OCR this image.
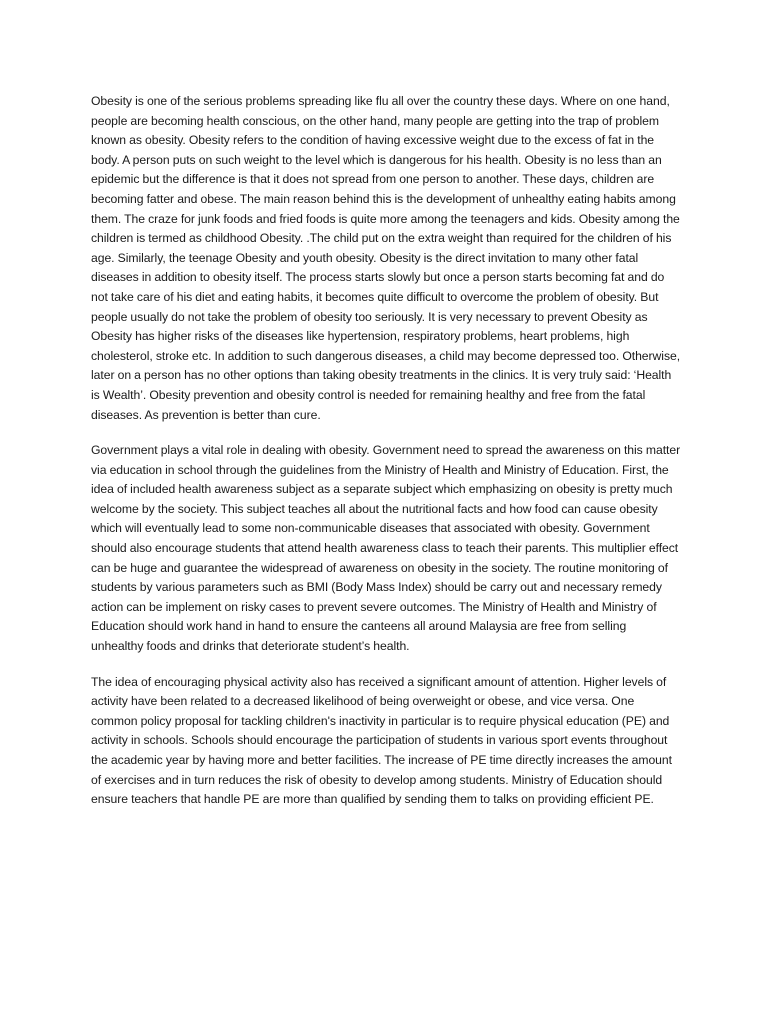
Obesity is one of the serious problems spreading like flu all over the country these days. Where on one hand, people are becoming health conscious, on the other hand, many people are getting into the trap of problem known as obesity. Obesity refers to the condition of having excessive weight due to the excess of fat in the body. A person puts on such weight to the level which is dangerous for his health. Obesity is no less than an epidemic but the difference is that it does not spread from one person to another. These days, children are becoming fatter and obese. The main reason behind this is the development of unhealthy eating habits among them. The craze for junk foods and fried foods is quite more among the teenagers and kids. Obesity among the children is termed as childhood Obesity. .The child put on the extra weight than required for the children of his age. Similarly, the teenage Obesity and youth obesity. Obesity is the direct invitation to many other fatal diseases in addition to obesity itself. The process starts slowly but once a person starts becoming fat and do not take care of his diet and eating habits, it becomes quite difficult to overcome the problem of obesity. But people usually do not take the problem of obesity too seriously. It is very necessary to prevent Obesity as Obesity has higher risks of the diseases like hypertension, respiratory problems, heart problems, high cholesterol, stroke etc. In addition to such dangerous diseases, a child may become depressed too. Otherwise, later on a person has no other options than taking obesity treatments in the clinics. It is very truly said: ‘Health is Wealth’. Obesity prevention and obesity control is needed for remaining healthy and free from the fatal diseases. As prevention is better than cure.

Government plays a vital role in dealing with obesity. Government need to spread the awareness on this matter via education in school through the guidelines from the Ministry of Health and Ministry of Education. First, the idea of included health awareness subject as a separate subject which emphasizing on obesity is pretty much welcome by the society. This subject teaches all about the nutritional facts and how food can cause obesity which will eventually lead to some non-communicable diseases that associated with obesity. Government should also encourage students that attend health awareness class to teach their parents. This multiplier effect can be huge and guarantee the widespread of awareness on obesity in the society. The routine monitoring of students by various parameters such as BMI (Body Mass Index) should be carry out and necessary remedy action can be implement on risky cases to prevent severe outcomes. The Ministry of Health and Ministry of Education should work hand in hand to ensure the canteens all around Malaysia are free from selling unhealthy foods and drinks that deteriorate student’s health.

The idea of encouraging physical activity also has received a significant amount of attention. Higher levels of activity have been related to a decreased likelihood of being overweight or obese, and vice versa. One common policy proposal for tackling children's inactivity in particular is to require physical education (PE) and activity in schools. Schools should encourage the participation of students in various sport events throughout the academic year by having more and better facilities. The increase of PE time directly increases the amount of exercises and in turn reduces the risk of obesity to develop among students. Ministry of Education should ensure teachers that handle PE are more than qualified by sending them to talks on providing efficient PE.
